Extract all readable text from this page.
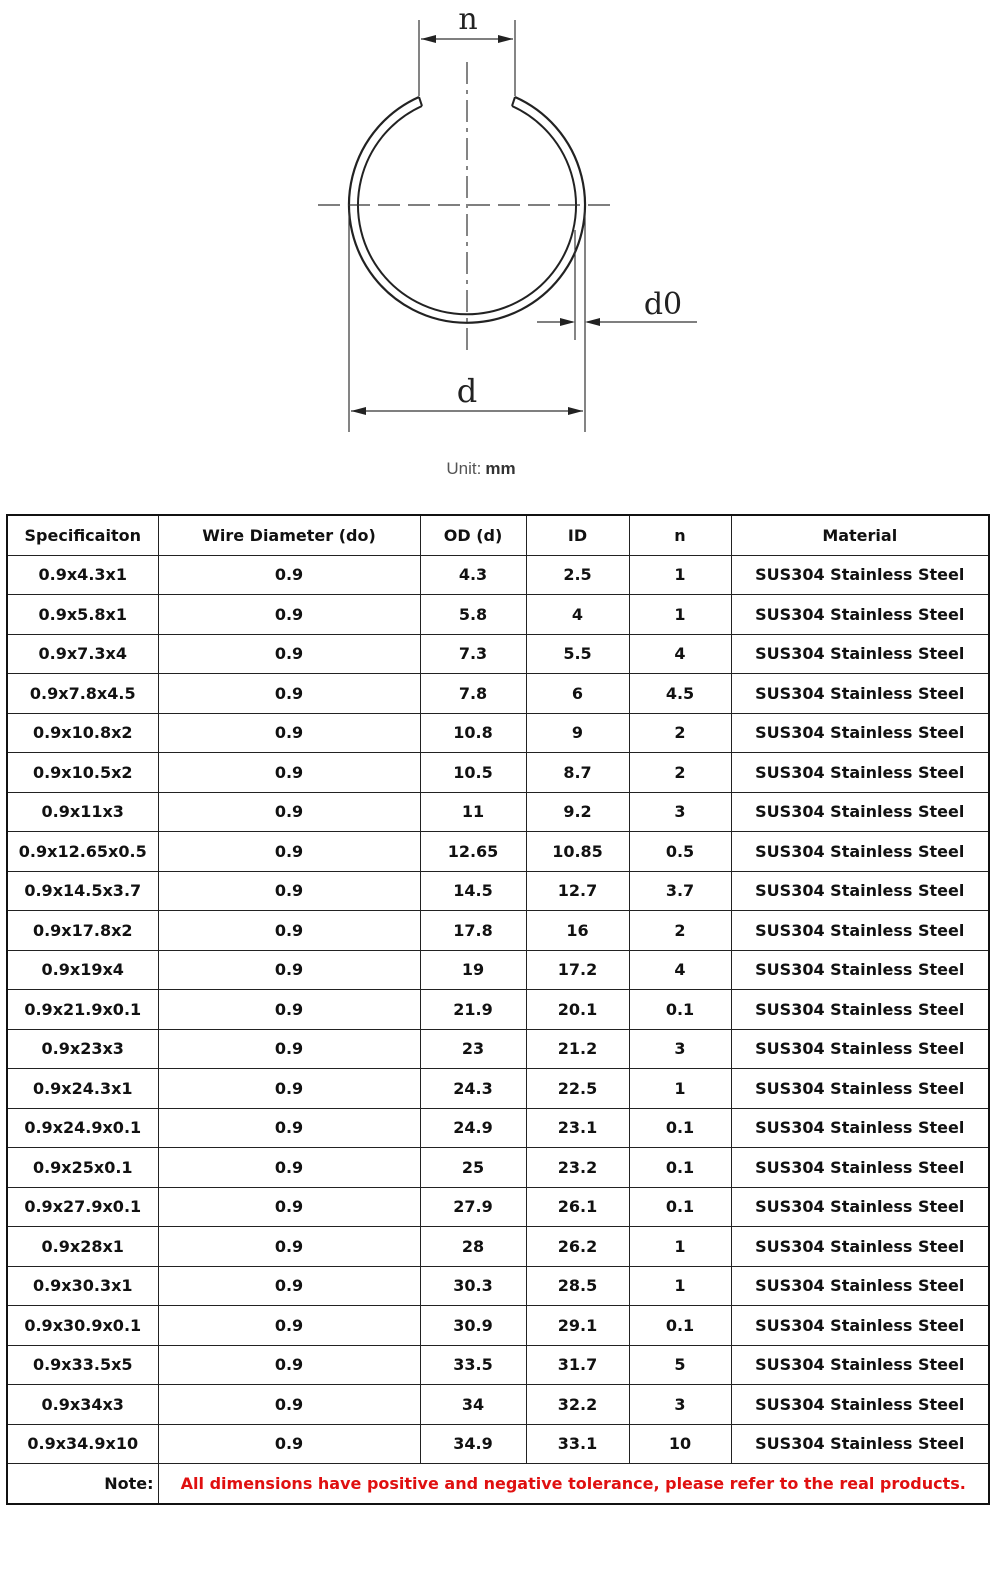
n
d0
d
Unit: mm
Specificaiton	Wire Diameter (do)	OD (d)	ID	n	Material
0.9x4.3x1	0.9	4.3	2.5	1	SUS304 Stainless Steel
0.9x5.8x1	0.9	5.8	4	1	SUS304 Stainless Steel
0.9x7.3x4	0.9	7.3	5.5	4	SUS304 Stainless Steel
0.9x7.8x4.5	0.9	7.8	6	4.5	SUS304 Stainless Steel
0.9x10.8x2	0.9	10.8	9	2	SUS304 Stainless Steel
0.9x10.5x2	0.9	10.5	8.7	2	SUS304 Stainless Steel
0.9x11x3	0.9	11	9.2	3	SUS304 Stainless Steel
0.9x12.65x0.5	0.9	12.65	10.85	0.5	SUS304 Stainless Steel
0.9x14.5x3.7	0.9	14.5	12.7	3.7	SUS304 Stainless Steel
0.9x17.8x2	0.9	17.8	16	2	SUS304 Stainless Steel
0.9x19x4	0.9	19	17.2	4	SUS304 Stainless Steel
0.9x21.9x0.1	0.9	21.9	20.1	0.1	SUS304 Stainless Steel
0.9x23x3	0.9	23	21.2	3	SUS304 Stainless Steel
0.9x24.3x1	0.9	24.3	22.5	1	SUS304 Stainless Steel
0.9x24.9x0.1	0.9	24.9	23.1	0.1	SUS304 Stainless Steel
0.9x25x0.1	0.9	25	23.2	0.1	SUS304 Stainless Steel
0.9x27.9x0.1	0.9	27.9	26.1	0.1	SUS304 Stainless Steel
0.9x28x1	0.9	28	26.2	1	SUS304 Stainless Steel
0.9x30.3x1	0.9	30.3	28.5	1	SUS304 Stainless Steel
0.9x30.9x0.1	0.9	30.9	29.1	0.1	SUS304 Stainless Steel
0.9x33.5x5	0.9	33.5	31.7	5	SUS304 Stainless Steel
0.9x34x3	0.9	34	32.2	3	SUS304 Stainless Steel
0.9x34.9x10	0.9	34.9	33.1	10	SUS304 Stainless Steel
Note:	All dimensions have positive and negative tolerance, please refer to the real products.				
